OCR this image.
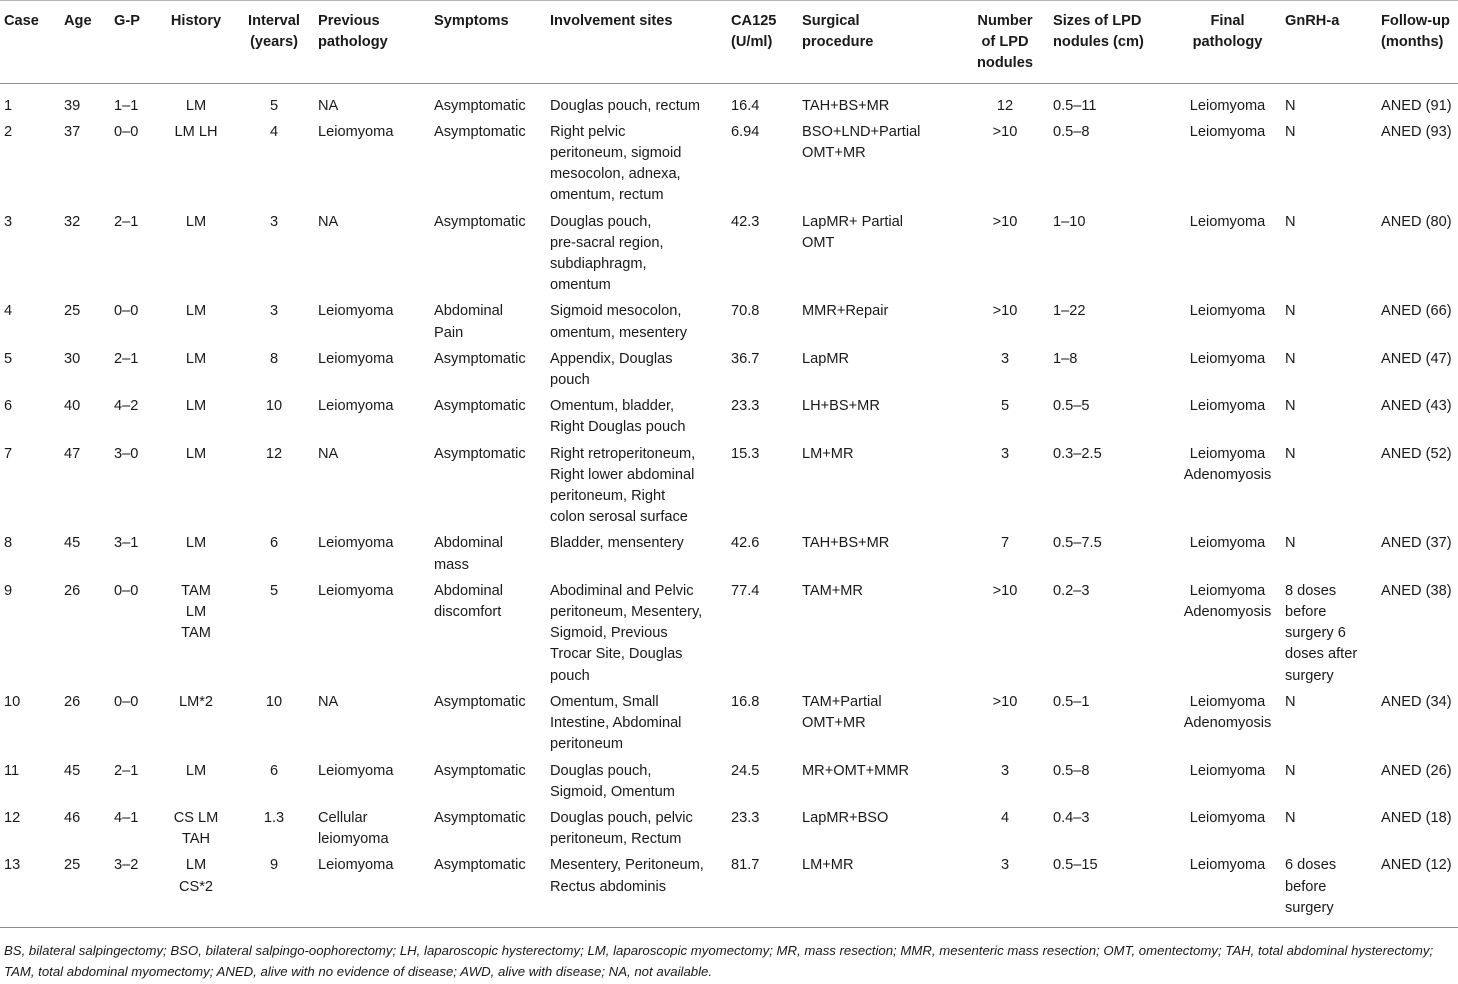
Case	Age	G-P	History	Interval
(years)	Previous
pathology	Symptoms	Involvement sites	CA125
(U/ml)	Surgical
procedure	Number
of LPD
nodules	Sizes of LPD
nodules (cm)	Final
pathology	GnRH-a	Follow-up
(months)
1	39	1–1	LM	5	NA	Asymptomatic	Douglas pouch, rectum	16.4	TAH+BS+MR	12	0.5–11	Leiomyoma	N	ANED (91)
2	37	0–0	LM LH	4	Leiomyoma	Asymptomatic	Right pelvic
peritoneum, sigmoid
mesocolon, adnexa,
omentum, rectum	6.94	BSO+LND+Partial
OMT+MR	>10	0.5–8	Leiomyoma	N	ANED (93)
3	32	2–1	LM	3	NA	Asymptomatic	Douglas pouch,
pre-sacral region,
subdiaphragm,
omentum	42.3	LapMR+ Partial
OMT	>10	1–10	Leiomyoma	N	ANED (80)
4	25	0–0	LM	3	Leiomyoma	Abdominal
Pain	Sigmoid mesocolon,
omentum, mesentery	70.8	MMR+Repair	>10	1–22	Leiomyoma	N	ANED (66)
5	30	2–1	LM	8	Leiomyoma	Asymptomatic	Appendix, Douglas
pouch	36.7	LapMR	3	1–8	Leiomyoma	N	ANED (47)
6	40	4–2	LM	10	Leiomyoma	Asymptomatic	Omentum, bladder,
Right Douglas pouch	23.3	LH+BS+MR	5	0.5–5	Leiomyoma	N	ANED (43)
7	47	3–0	LM	12	NA	Asymptomatic	Right retroperitoneum,
Right lower abdominal
peritoneum, Right
colon serosal surface	15.3	LM+MR	3	0.3–2.5	Leiomyoma
Adenomyosis	N	ANED (52)
8	45	3–1	LM	6	Leiomyoma	Abdominal
mass	Bladder, mensentery	42.6	TAH+BS+MR	7	0.5–7.5	Leiomyoma	N	ANED (37)
9	26	0–0	TAM
LM
TAM	5	Leiomyoma	Abdominal
discomfort	Abodiminal and Pelvic
peritoneum, Mesentery,
Sigmoid, Previous
Trocar Site, Douglas
pouch	77.4	TAM+MR	>10	0.2–3	Leiomyoma
Adenomyosis	8 doses
before
surgery 6
doses after
surgery	ANED (38)
10	26	0–0	LM*2	10	NA	Asymptomatic	Omentum, Small
Intestine, Abdominal
peritoneum	16.8	TAM+Partial
OMT+MR	>10	0.5–1	Leiomyoma
Adenomyosis	N	ANED (34)
11	45	2–1	LM	6	Leiomyoma	Asymptomatic	Douglas pouch,
Sigmoid, Omentum	24.5	MR+OMT+MMR	3	0.5–8	Leiomyoma	N	ANED (26)
12	46	4–1	CS LM
TAH	1.3	Cellular
leiomyoma	Asymptomatic	Douglas pouch, pelvic
peritoneum, Rectum	23.3	LapMR+BSO	4	0.4–3	Leiomyoma	N	ANED (18)
13	25	3–2	LM
CS*2	9	Leiomyoma	Asymptomatic	Mesentery, Peritoneum,
Rectus abdominis	81.7	LM+MR	3	0.5–15	Leiomyoma	6 doses
before
surgery	ANED (12)
BS, bilateral salpingectomy; BSO, bilateral salpingo-oophorectomy; LH, laparoscopic hysterectomy; LM, laparoscopic myomectomy; MR, mass resection; MMR, mesenteric mass resection; OMT, omentectomy; TAH, total abdominal hysterectomy; TAM, total abdominal myomectomy; ANED, alive with no evidence of disease; AWD, alive with disease; NA, not available.
